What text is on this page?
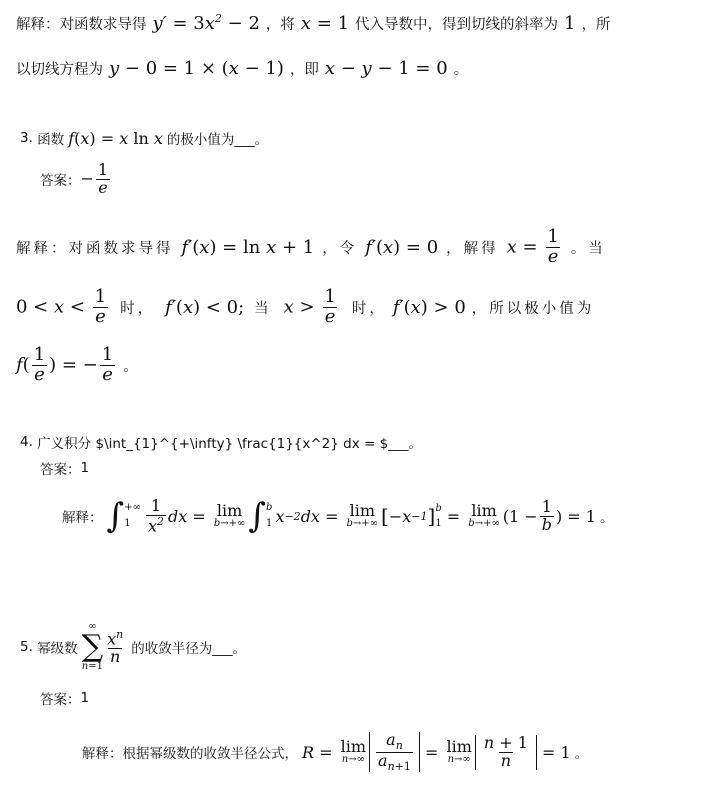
解释：对函数求导得 $y' = 3x^2 - 2$ ，将 x = 1 代入导数中，得到切线的斜率为 1 ，所
以切线方程为 y − 0 = 1 × (x − 1) ，即 x − y − 1 = 0 。
3.
函数 f(x) = x ln x 的极小值为___。
答案： − $\frac{1}{e}$
解释：对函数求导得 f′(x) = ln x + 1 ，令 f′(x) = 0 ，解得 $x = \frac{1}{e}$ 。当
$0 < x < \frac{1}{e}$ 时， f′(x) < 0; 当 $x > \frac{1}{e}$ 时， f′(x) > 0 ，所以极小值为
$f( \frac{1}{e}$ ) = − $\frac{1}{e}$ 。
4.
广义积分 $\int_{1}^{+\infty} \frac{1}{x^2} dx = $___。
答案： 1
解释： ∫ +∞
$1 \frac{1}{x^2}$ dx = lim
b→+∞ ∫ b
1 x −2 dx = lim
b→+∞ [ − x −1 ] b
1 = lim
b→+∞ ($1 - \frac{1}{b}$ ) = 1 。
5.
幂级数
∞
∑
n=1
$\frac{x^n}{n}$ 的收敛半径为___。
答案： 1
解释：根据幂级数的收敛半径公式， R = lim
$n\to\infty \frac{a_n}{a_{n+1}} = \lim$
$n\to\infty \frac{n + 1}{n} = 1$ 。
